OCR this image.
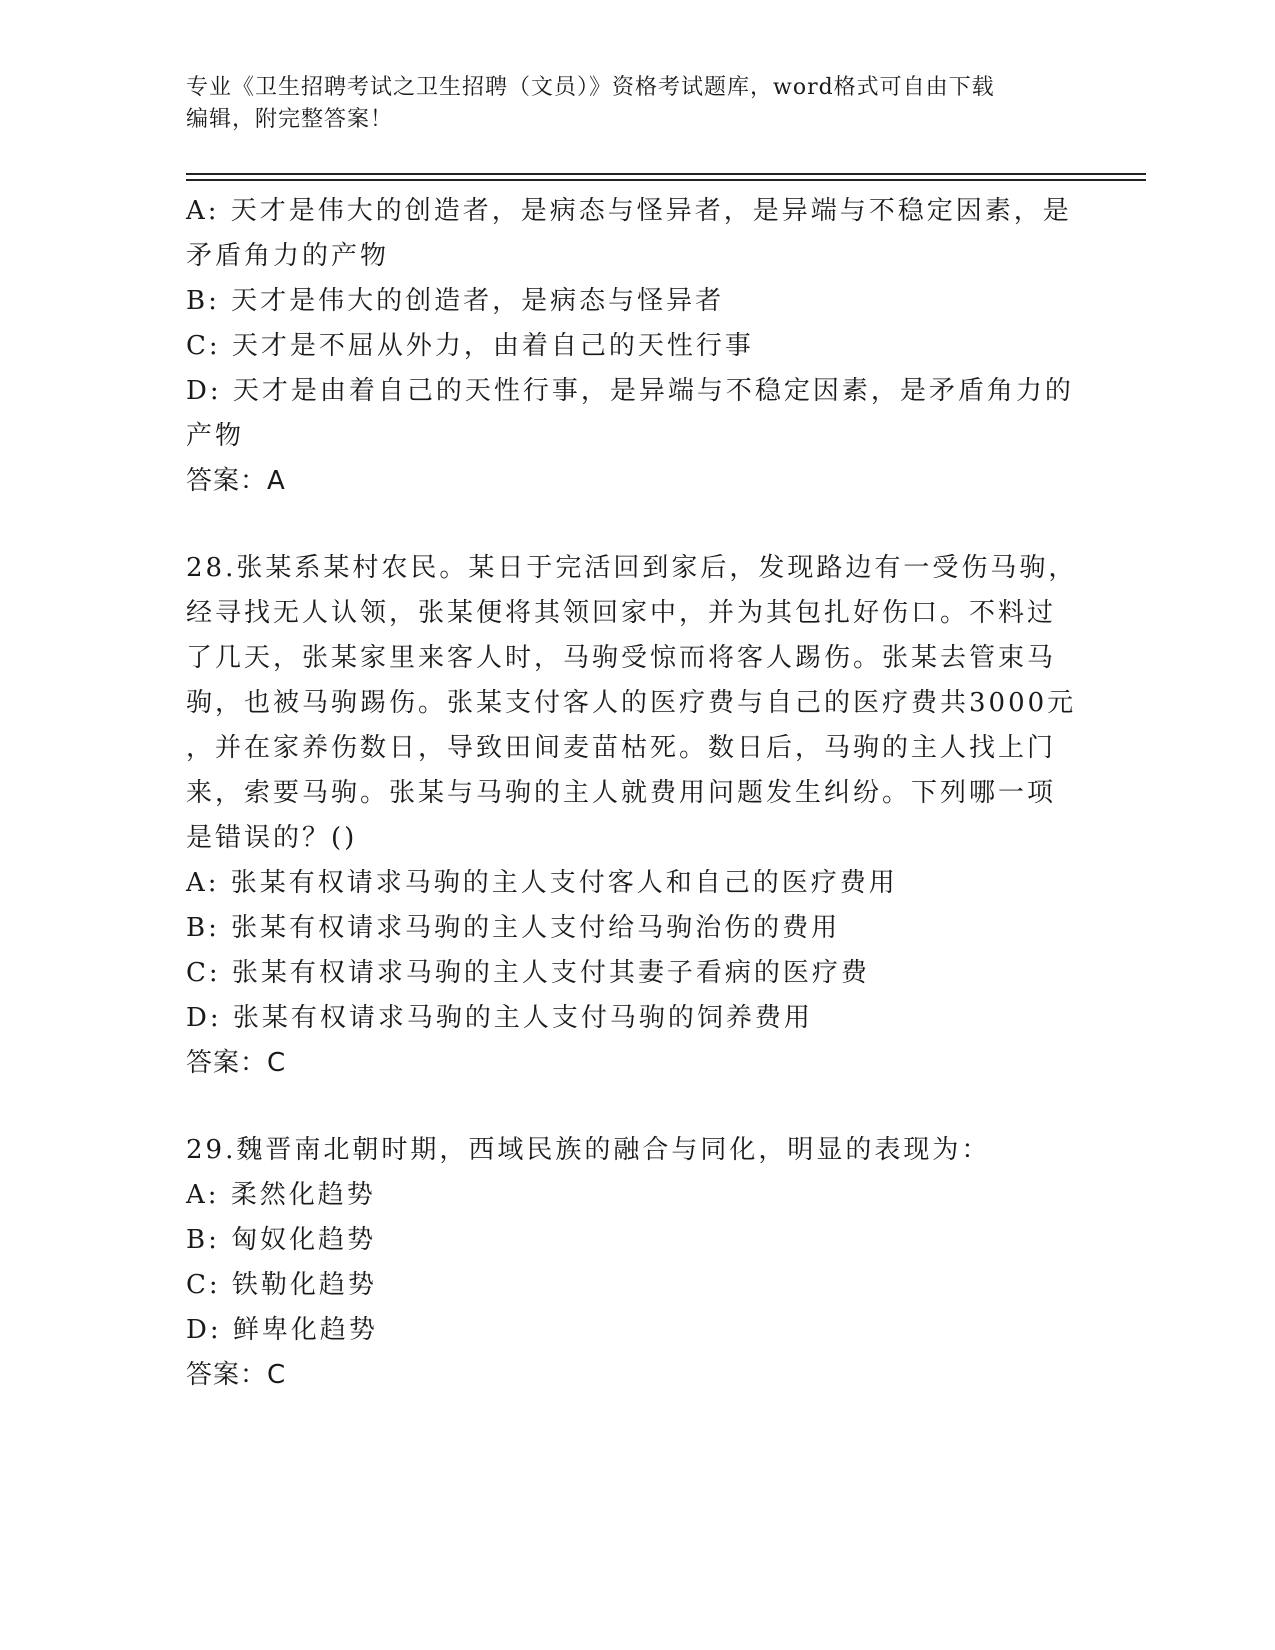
专业《卫生招聘考试之卫生招聘（文员）》资格考试题库，word格式可自由下载
编辑，附完整答案！
A: 天才是伟大的创造者，是病态与怪异者，是异端与不稳定因素，是
矛盾角力的产物
B: 天才是伟大的创造者，是病态与怪异者
C: 天才是不屈从外力，由着自己的天性行事
D: 天才是由着自己的天性行事，是异端与不稳定因素，是矛盾角力的
产物
答案：A
28.张某系某村农民。某日于完活回到家后，发现路边有一受伤马驹，
经寻找无人认领，张某便将其领回家中，并为其包扎好伤口。不料过
了几天，张某家里来客人时，马驹受惊而将客人踢伤。张某去管束马
驹，也被马驹踢伤。张某支付客人的医疗费与自己的医疗费共3000元
，并在家养伤数日，导致田间麦苗枯死。数日后，马驹的主人找上门
来，索要马驹。张某与马驹的主人就费用问题发生纠纷。下列哪一项
是错误的？()
A: 张某有权请求马驹的主人支付客人和自己的医疗费用
B: 张某有权请求马驹的主人支付给马驹治伤的费用
C: 张某有权请求马驹的主人支付其妻子看病的医疗费
D: 张某有权请求马驹的主人支付马驹的饲养费用
答案：C
29.魏晋南北朝时期，西域民族的融合与同化，明显的表现为：
A: 柔然化趋势
B: 匈奴化趋势
C: 铁勒化趋势
D: 鲜卑化趋势
答案：C
